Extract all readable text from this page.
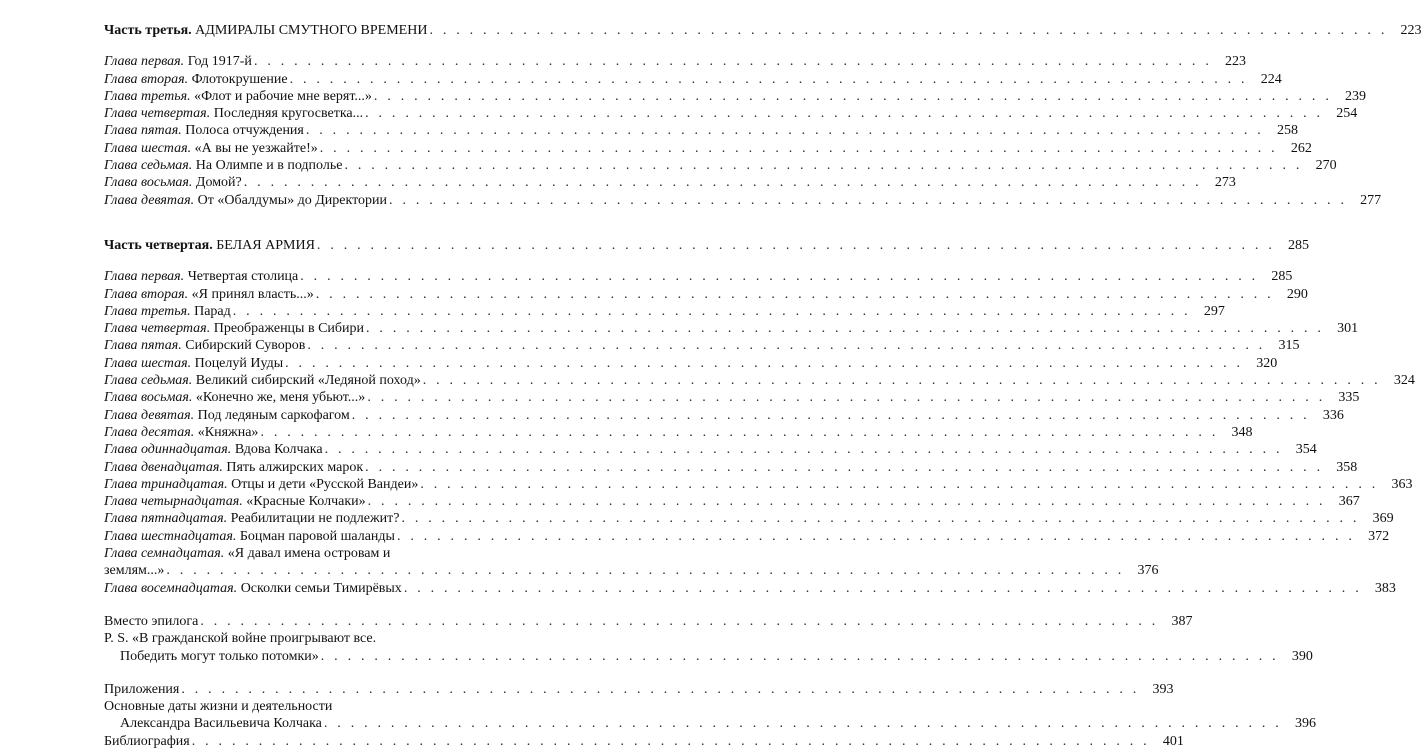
Часть третья. АДМИРАЛЫ СМУТНОГО ВРЕМЕНИ . . . . . . . . . . . . . . . . . . . . . . . . . . . . . . . . . . . . . . . . . . . . . . . . . . . . . . . . . . . . . . . . . . . . . . . . 223
Глава первая. Год 1917-й . . . . . . . . . . . . . . . . . . . . . . . . . . . . . . . . . . . . . . . . . . . . . . . . . . . . . . . . . . . . . . . . . . . . . . . . 223
Глава вторая. Флотокрушение . . . . . . . . . . . . . . . . . . . . . . . . . . . . . . . . . . . . . . . . . . . . . . . . . . . . . . . . . . . . . . . . . . . . . . . . 224
Глава третья. «Флот и рабочие мне верят...» . . . . . . . . . . . . . . . . . . . . . . . . . . . . . . . . . . . . . . . . . . . . . . . . . . . . . . . . . . . . . . . . . . . . . . . . 239
Глава четвертая. Последняя кругосветка... . . . . . . . . . . . . . . . . . . . . . . . . . . . . . . . . . . . . . . . . . . . . . . . . . . . . . . . . . . . . . . . . . . . . . . . . 254
Глава пятая. Полоса отчуждения . . . . . . . . . . . . . . . . . . . . . . . . . . . . . . . . . . . . . . . . . . . . . . . . . . . . . . . . . . . . . . . . . . . . . . . . 258
Глава шестая. «А вы не уезжайте!» . . . . . . . . . . . . . . . . . . . . . . . . . . . . . . . . . . . . . . . . . . . . . . . . . . . . . . . . . . . . . . . . . . . . . . . . 262
Глава седьмая. На Олимпе и в подполье . . . . . . . . . . . . . . . . . . . . . . . . . . . . . . . . . . . . . . . . . . . . . . . . . . . . . . . . . . . . . . . . . . . . . . . . 270
Глава восьмая. Домой? . . . . . . . . . . . . . . . . . . . . . . . . . . . . . . . . . . . . . . . . . . . . . . . . . . . . . . . . . . . . . . . . . . . . . . . . 273
Глава девятая. От «Обалдумы» до Директории . . . . . . . . . . . . . . . . . . . . . . . . . . . . . . . . . . . . . . . . . . . . . . . . . . . . . . . . . . . . . . . . . . . . . . . . 277
Часть четвертая. БЕЛАЯ АРМИЯ . . . . . . . . . . . . . . . . . . . . . . . . . . . . . . . . . . . . . . . . . . . . . . . . . . . . . . . . . . . . . . . . . . . . . . . . 285
Глава первая. Четвертая столица . . . . . . . . . . . . . . . . . . . . . . . . . . . . . . . . . . . . . . . . . . . . . . . . . . . . . . . . . . . . . . . . . . . . . . . . 285
Глава вторая. «Я принял власть...» . . . . . . . . . . . . . . . . . . . . . . . . . . . . . . . . . . . . . . . . . . . . . . . . . . . . . . . . . . . . . . . . . . . . . . . . 290
Глава третья. Парад . . . . . . . . . . . . . . . . . . . . . . . . . . . . . . . . . . . . . . . . . . . . . . . . . . . . . . . . . . . . . . . . . . . . . . . . 297
Глава четвертая. Преображенцы в Сибири . . . . . . . . . . . . . . . . . . . . . . . . . . . . . . . . . . . . . . . . . . . . . . . . . . . . . . . . . . . . . . . . . . . . . . . . 301
Глава пятая. Сибирский Суворов . . . . . . . . . . . . . . . . . . . . . . . . . . . . . . . . . . . . . . . . . . . . . . . . . . . . . . . . . . . . . . . . . . . . . . . . 315
Глава шестая. Поцелуй Иуды . . . . . . . . . . . . . . . . . . . . . . . . . . . . . . . . . . . . . . . . . . . . . . . . . . . . . . . . . . . . . . . . . . . . . . . . 320
Глава седьмая. Великий сибирский «Ледяной поход» . . . . . . . . . . . . . . . . . . . . . . . . . . . . . . . . . . . . . . . . . . . . . . . . . . . . . . . . . . . . . . . . . . . . . . . . 324
Глава восьмая. «Конечно же, меня убьют...» . . . . . . . . . . . . . . . . . . . . . . . . . . . . . . . . . . . . . . . . . . . . . . . . . . . . . . . . . . . . . . . . . . . . . . . . 335
Глава девятая. Под ледяным саркофагом . . . . . . . . . . . . . . . . . . . . . . . . . . . . . . . . . . . . . . . . . . . . . . . . . . . . . . . . . . . . . . . . . . . . . . . . 336
Глава десятая. «Княжна» . . . . . . . . . . . . . . . . . . . . . . . . . . . . . . . . . . . . . . . . . . . . . . . . . . . . . . . . . . . . . . . . . . . . . . . . 348
Глава одиннадцатая. Вдова Колчака . . . . . . . . . . . . . . . . . . . . . . . . . . . . . . . . . . . . . . . . . . . . . . . . . . . . . . . . . . . . . . . . . . . . . . . . 354
Глава двенадцатая. Пять алжирских марок . . . . . . . . . . . . . . . . . . . . . . . . . . . . . . . . . . . . . . . . . . . . . . . . . . . . . . . . . . . . . . . . . . . . . . . . 358
Глава тринадцатая. Отцы и дети «Русской Вандеи» . . . . . . . . . . . . . . . . . . . . . . . . . . . . . . . . . . . . . . . . . . . . . . . . . . . . . . . . . . . . . . . . . . . . . . . . 363
Глава четырнадцатая. «Красные Колчаки» . . . . . . . . . . . . . . . . . . . . . . . . . . . . . . . . . . . . . . . . . . . . . . . . . . . . . . . . . . . . . . . . . . . . . . . . 367
Глава пятнадцатая. Реабилитации не подлежит? . . . . . . . . . . . . . . . . . . . . . . . . . . . . . . . . . . . . . . . . . . . . . . . . . . . . . . . . . . . . . . . . . . . . . . . . 369
Глава шестнадцатая. Боцман паровой шаланды . . . . . . . . . . . . . . . . . . . . . . . . . . . . . . . . . . . . . . . . . . . . . . . . . . . . . . . . . . . . . . . . . . . . . . . . 372
Глава семнадцатая. «Я давал имена островам и
землям...» . . . . . . . . . . . . . . . . . . . . . . . . . . . . . . . . . . . . . . . . . . . . . . . . . . . . . . . . . . . . . . . . . . . . . . . . 376
Глава восемнадцатая. Осколки семьи Тимирёвых . . . . . . . . . . . . . . . . . . . . . . . . . . . . . . . . . . . . . . . . . . . . . . . . . . . . . . . . . . . . . . . . . . . . . . . . 383
Вместо эпилога . . . . . . . . . . . . . . . . . . . . . . . . . . . . . . . . . . . . . . . . . . . . . . . . . . . . . . . . . . . . . . . . . . . . . . . . 387
P. S. «В гражданской войне проигрывают все.
Победить могут только потомки» . . . . . . . . . . . . . . . . . . . . . . . . . . . . . . . . . . . . . . . . . . . . . . . . . . . . . . . . . . . . . . . . . . . . . . . . 390
Приложения . . . . . . . . . . . . . . . . . . . . . . . . . . . . . . . . . . . . . . . . . . . . . . . . . . . . . . . . . . . . . . . . . . . . . . . . 393
Основные даты жизни и деятельности
Александра Васильевича Колчака . . . . . . . . . . . . . . . . . . . . . . . . . . . . . . . . . . . . . . . . . . . . . . . . . . . . . . . . . . . . . . . . . . . . . . . . 396
Библиография . . . . . . . . . . . . . . . . . . . . . . . . . . . . . . . . . . . . . . . . . . . . . . . . . . . . . . . . . . . . . . . . . . . . . . . . 401
